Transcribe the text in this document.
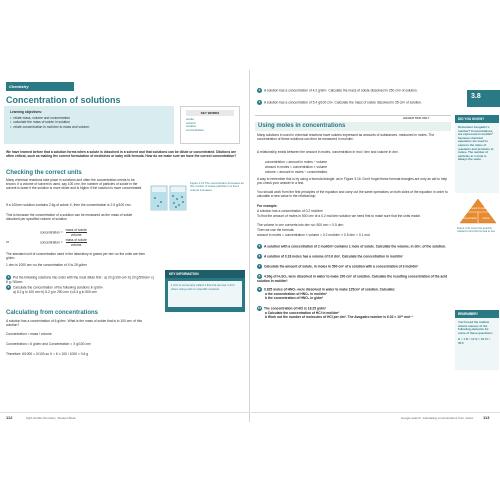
Chemistry
Concentration of solutions
Learning objectives:
• relate mass, volume and concentration
• calculate the mass of solute in solution
• relate concentration in mol/dm³ to mass and volume.
KEY WORDS
solute
solvent
solution
concentration
We have learned before that a solution forms when a solute is dissolved in a solvent and that solutions can be dilute or concentrated. Dilutions are often critical, such as making the correct formulation of medicines or baby milk formula. How do we make sure we have the correct concentration?
Checking the correct units
Many chemical reactions take place in solutions and often the concentration needs to be known. If a volume of solvent is used, say 100 cm³, the number of particles of solute in the solvent is lower if the solution is more dilute and is higher if the solution is more concentrated.
If a 100cm³ solution contains 2.5g of solute X, then the concentration is 2.5 g/100 cm³.
This is because the concentration of a solution can be measured as the mass of solute dissolved per specified volume of solution
concentration =
mass of solute
volume
or	concentration =
mass of solute
volume
The standard unit of concentration used in the laboratory is grams per dm³ so the units are then g/dm³.
1 dm³ is 1000 cm³ so the concentration of X is 25 g/dm³
Figure 1.15 The concentration increases as the number of solute particles in a fixed volume increases.
1 Put the following solutions into order with the most dilute first : a) 20 g/100 cm³ b) 20 g/500cm³ c) 8 g / 50cm³
2 Calculate the concentration of the following solutions in g/dm³.
a) 5.2 g in 100 cm³ b) 5.2 g in 250 cm³ c) 6.4 g in 500 cm³
KEY INFORMATION
1 dm³ is commonly called 1 litre but we use 1 dm³ when using units in scientific contexts.
Calculating from concentrations
A solution has a concentration of 6 g/dm³. What is the mass of solute that is in 100 cm³ of this solution?
Concentration = mass / volume
Concentration = 6 g/dm³ and Concentration = X g/100 cm³
Therefore: 6/1000 = X/100 so X = 6 × 100 / 1000 = 0.6 g
112	AQA GCSE Chemistry: Student Book
3.8
3 A solution has a concentration of 4.2 g/dm³. Calculate the mass of solute dissolved in 250 cm³ of solution.
4 A solution has a concentration of 5.4 g/100 cm³. Calculate the mass of solute dissolved in 35 cm³ of solution.
HIGHER TIER ONLY
Using moles in concentrations
Many solutions in used in chemical reactions have solutes expressed as amounts of substances, measured in moles. The concentration of these solutions can then be measured in mol/dm³
A relationship exists between the amount in moles, concentration in mol / dm³ and volume in dm³.
concentration = amount in moles ÷ volume
amount in moles = concentration × volume
volume = amount in moles ÷ concentration.
A way to remember this is by using a formula triangle, as in Figure 3.16. Don't forget these formula triangles are only an aid to help you check your answer in a test.
You should work from the first principles of the equation and carry out the same operations on both sides of the equation in order to calculate a new value in the relationship.
For example:
A solution has a concentration of 0.2 mol/dm³
To find the amount of moles in 500 cm³ of a 0.2 mol/dm³ solution we need first to make sure that the units match.
The volume in cm³ converts into dm³ so: 500 cm³ = 0.5 dm³.
Then we use the formula:
amount in moles = concentration × volume = 0.2 mol/dm³ × 0.5 dm³ = 0.1 mol
5 A solution with a concentration of 2 mol/dm³ contains 1 mole of solute. Calculate the volume, in dm³, of the solution.
6 A solution of 0.18 moles has a volume of 0.6 dm³. Calculate the concentration in mol/dm³
7 Calculate the amount of solute, in moles in 500 cm³ of a solution with a concentration of 3 mol/dm³
8 4.90g of H₂SO₄ were dissolved in water to make 200 cm³ of solution. Calculate the resulting concentration of the acid solution in mol/dm³.
9 0.825 moles of HNO₃ were dissolved in water to make 125cm³ of solution. Calculate:
a the concentration of HNO₃ in mol/dm³
b the concentration of HNO₃ in g/dm³
10 The concentration of HCl is 18.25 g/dm³
a Calculate the concentration of HCl in mol/dm³
b Work out the number of molecules of HCl per dm³. The Avogadro number is 6.02 × 10²³ mol⁻¹
DID YOU KNOW?
Remember Avogadro's number? Concentrations are expressed in mol/dm³ because chemical equations are used to express the ratios of reactants and products in moles. The number of particles in 1 mole is always the same.
amount in moles
concentration	volume
Figure 3.16 Cover the quantity needed to find the formula to use
REMEMBER!
You'll need the relative atomic masses of the following elements for some of these questions:
H = 1 N = 14 O = 16 Cl = 35.5
Google search: 'calculating concentrations from moles' 113
